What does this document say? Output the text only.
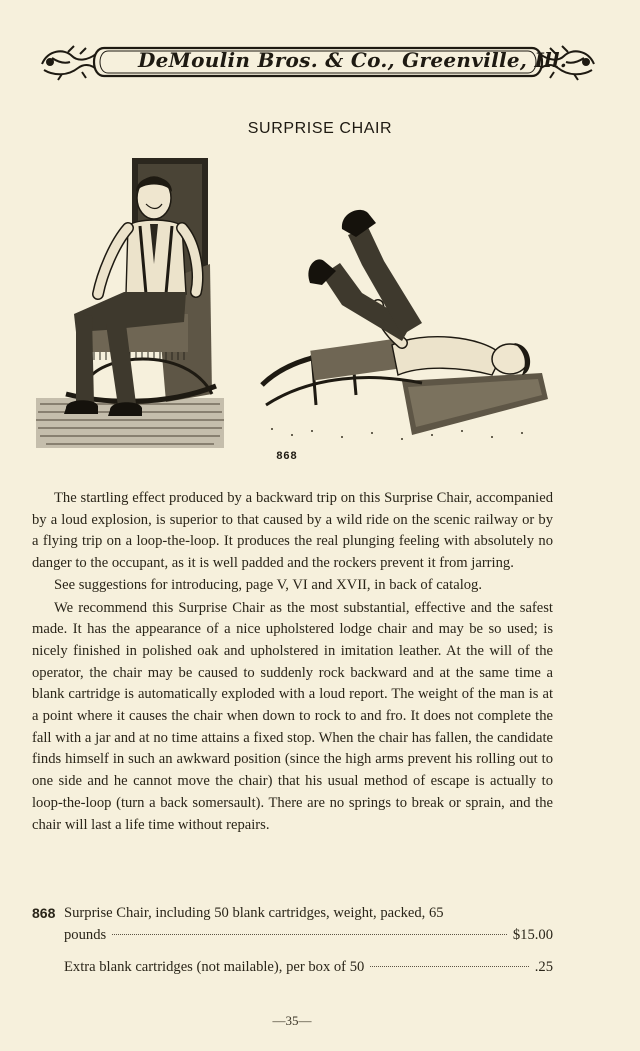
DeMoulin Bros. & Co., Greenville, Ill.
SURPRISE CHAIR
868

The startling effect produced by a backward trip on this Surprise Chair, accompanied by a loud explosion, is superior to that caused by a wild ride on the scenic railway or by a flying trip on a loop-the-loop. It produces the real plunging feeling with absolutely no danger to the occupant, as it is well padded and the rockers prevent it from jarring.

See suggestions for introducing, page V, VI and XVII, in back of catalog.

We recommend this Surprise Chair as the most substantial, effective and the safest made. It has the appearance of a nice upholstered lodge chair and may be so used; is nicely finished in polished oak and upholstered in imitation leather. At the will of the operator, the chair may be caused to suddenly rock backward and at the same time a blank cartridge is automatically exploded with a loud report. The weight of the man is at a point where it causes the chair when down to rock to and fro. It does not complete the fall with a jar and at no time attains a fixed stop. When the chair has fallen, the candidate finds himself in such an awkward position (since the high arms prevent his rolling out to one side and he cannot move the chair) that his usual method of escape is actually to loop-the-loop (turn a back somersault). There are no springs to break or sprain, and the chair will last a life time without repairs.

868 Surprise Chair, including 50 blank cartridges, weight, packed, 65
pounds	$15.00
Extra blank cartridges (not mailable), per box of 50	.25
—35—
